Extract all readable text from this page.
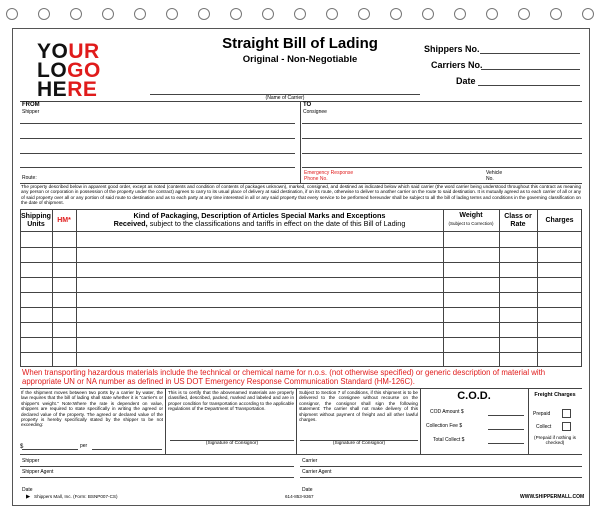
YOUR
LOGO
HERE
Straight Bill of Lading
Original - Non-Negotiable
(Name of Carrier)
Shippers No.
Carriers No.
Date
FROM
Shipper
Route:
TO
Consignee
Emergency Response
Phone No.
Vehicle
No.
The property described below in apparent good order, except as noted (contents and condition of contents of packages unknown), marked, consigned, and destined as indicated below which said carrier (the word carrier being understood throughout this contract as meaning any person or corporation in possession of the property under the contract) agrees to carry to its usual place of delivery at said destination, if on its route, otherwise to deliver to another carrier on the route to said destination. It is mutually agreed as to each carrier of all or any of said property over all or any portion of said route to destination and as to each party at any time interested in all or any said property that every service to be performed hereunder shall be subject to all the bill of lading terms and conditions in the governing classification on the date of shipment.
Shipping Units
HM*
Kind of Packaging, Description of Articles Special Marks and Exceptions
Received, subject to the classifications and tariffs in effect on the date of this Bill of Lading
Weight
(Subject to Correction)
Class or Rate
Charges
When transporting hazardous materials include the technical or chemical name for n.o.s. (not otherwise specified) or generic description of material with appropriate UN or NA number as defined in US DOT Emergency Response Communication Standard (HM-126C).
If the shipment moves between two ports by a carrier by water, the law requires that the bill of lading shall state whether it is "carrier's or shipper's weight." Note:Where the rate is dependent on value, shippers are required to state specifically in writing the agreed or declared value of the property. The agreed or declared value of the property is hereby specifically stated by the shipper to be not exceeding:
per
$
This is to certify that the abovenamed materials are properly classified, described, packed, marked and labeled and are in proper condition for transportation according to the applicable regulations of the Department of Transportation.
(Signature of Consignor)
Subject to Section 7 of conditions, if this shipment is to be delivered to the consignee without recourse on the consignor, the consignor shall sign the following statement: The carrier shall not make delivery of this shipment without payment of freight and all other lawful charges.
(Signature of Consignor)
C.O.D.
COD Amount $
Collection Fee $
Total Collect $
Freight Charges
Prepaid
Collect
(Prepaid if nothing is checked)
Shipper
Shipper Agent
Date
Carrier
Carrier Agent
Date
▶ Shippers Mall, Inc. (Form: BSNP007-CS)	614-853-9367	WWW.SHIPPERMALL.COM
